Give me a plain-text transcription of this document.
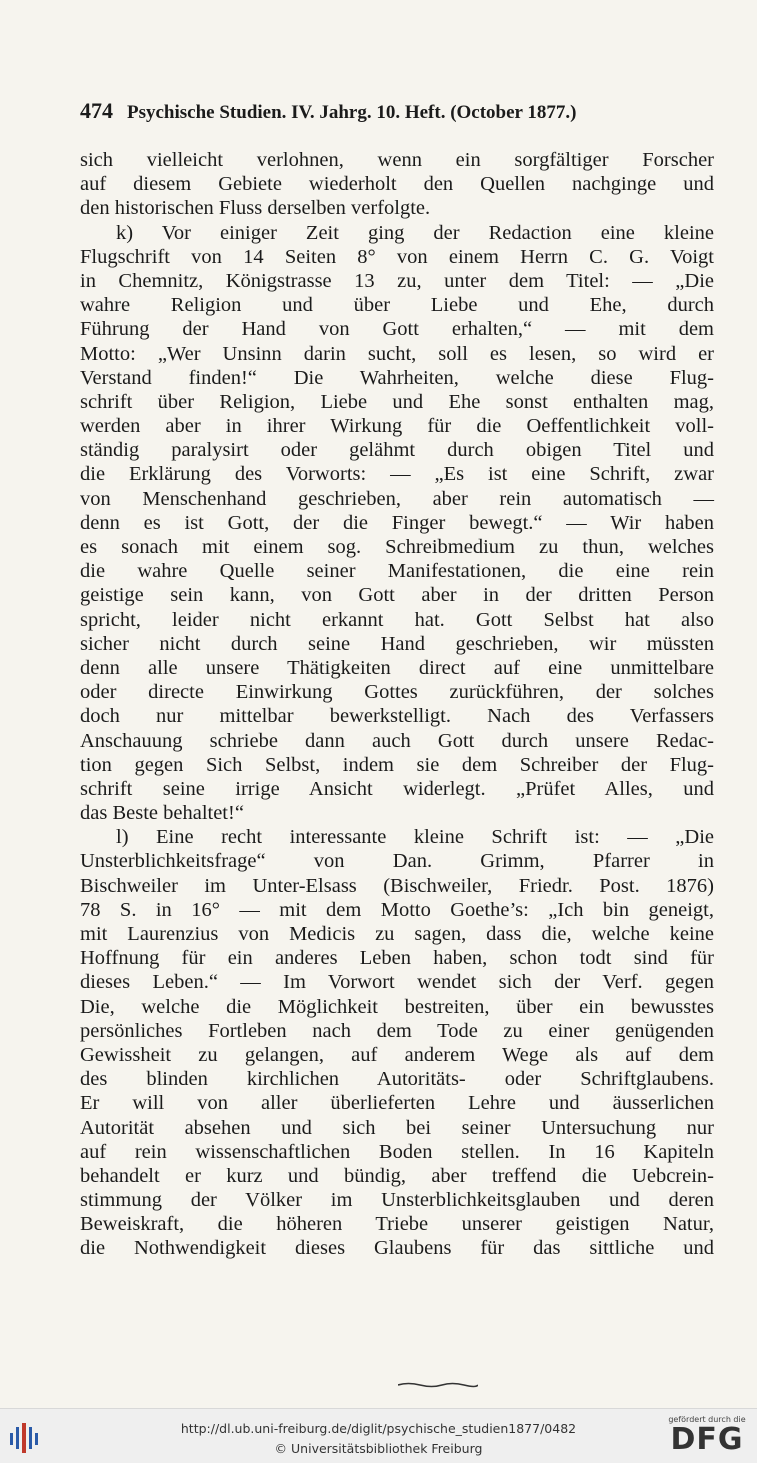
474 Psychische Studien. IV. Jahrg. 10. Heft. (October 1877.)
sich vielleicht verlohnen, wenn ein sorgfältiger Forscher
auf diesem Gebiete wiederholt den Quellen nachginge und
den historischen Fluss derselben verfolgte.
k) Vor einiger Zeit ging der Redaction eine kleine
Flugschrift von 14 Seiten 8° von einem Herrn C. G. Voigt
in Chemnitz, Königstrasse 13 zu, unter dem Titel: — „Die
wahre Religion und über Liebe und Ehe, durch
Führung der Hand von Gott erhalten,“ — mit dem
Motto: „Wer Unsinn darin sucht, soll es lesen, so wird er
Verstand finden!“ Die Wahrheiten, welche diese Flug-
schrift über Religion, Liebe und Ehe sonst enthalten mag,
werden aber in ihrer Wirkung für die Oeffentlichkeit voll-
ständig paralysirt oder gelähmt durch obigen Titel und
die Erklärung des Vorworts: — „Es ist eine Schrift, zwar
von Menschenhand geschrieben, aber rein automatisch —
denn es ist Gott, der die Finger bewegt.“ — Wir haben
es sonach mit einem sog. Schreibmedium zu thun, welches
die wahre Quelle seiner Manifestationen, die eine rein
geistige sein kann, von Gott aber in der dritten Person
spricht, leider nicht erkannt hat. Gott Selbst hat also
sicher nicht durch seine Hand geschrieben, wir müssten
denn alle unsere Thätigkeiten direct auf eine unmittelbare
oder directe Einwirkung Gottes zurückführen, der solches
doch nur mittelbar bewerkstelligt. Nach des Verfassers
Anschauung schriebe dann auch Gott durch unsere Redac-
tion gegen Sich Selbst, indem sie dem Schreiber der Flug-
schrift seine irrige Ansicht widerlegt. „Prüfet Alles, und
das Beste behaltet!“
l) Eine recht interessante kleine Schrift ist: — „Die
Unsterblichkeitsfrage“ von Dan. Grimm, Pfarrer in
Bischweiler im Unter-Elsass (Bischweiler, Friedr. Post. 1876)
78 S. in 16° — mit dem Motto Goethe’s: „Ich bin geneigt,
mit Laurenzius von Medicis zu sagen, dass die, welche keine
Hoffnung für ein anderes Leben haben, schon todt sind für
dieses Leben.“ — Im Vorwort wendet sich der Verf. gegen
Die, welche die Möglichkeit bestreiten, über ein bewusstes
persönliches Fortleben nach dem Tode zu einer genügenden
Gewissheit zu gelangen, auf anderem Wege als auf dem
des blinden kirchlichen Autoritäts- oder Schriftglaubens.
Er will von aller überlieferten Lehre und äusserlichen
Autorität absehen und sich bei seiner Untersuchung nur
auf rein wissenschaftlichen Boden stellen. In 16 Kapiteln
behandelt er kurz und bündig, aber treffend die Uebcrein-
stimmung der Völker im Unsterblichkeitsglauben und deren
Beweiskraft, die höheren Triebe unserer geistigen Natur,
die Nothwendigkeit dieses Glaubens für das sittliche und
http://dl.ub.uni-freiburg.de/diglit/psychische_studien1877/0482
© Universitätsbibliothek Freiburg
gefördert durch die
DFG
